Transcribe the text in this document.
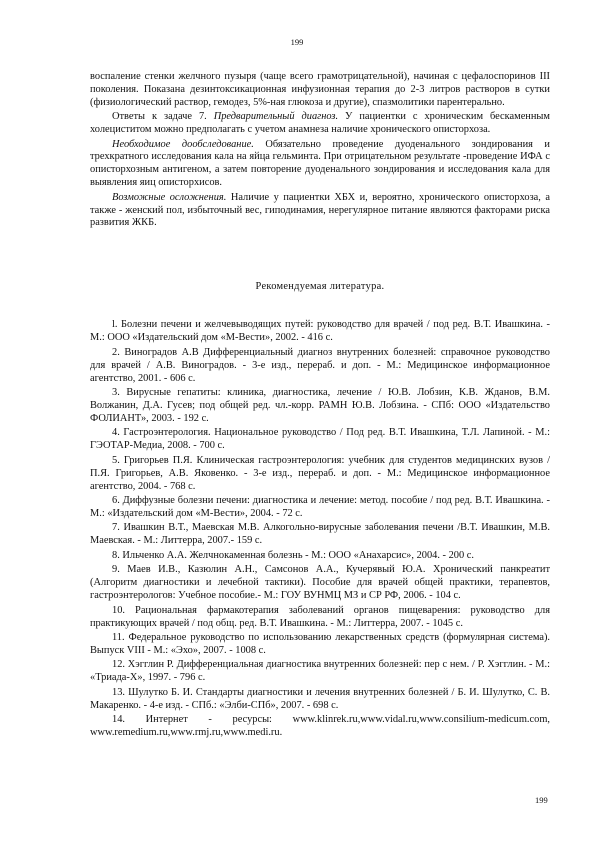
199

воспаление стенки желчного пузыря (чаще всего грамотрицательной), начиная с цефалоспоринов III поколения. Показана дезинтоксикационная инфузионная терапия до 2-3 литров растворов в сутки (физиологический раствор, гемодез, 5%-ная глюкоза и другие), спазмолитики парентерально.

Ответы к задаче 7. Предварительный диагноз. У пациентки с хроническим бескаменным холециститом можно предполагать с учетом анамнеза наличие хронического описторхоза.

Необходимое дообследование. Обязательно проведение дуоденального зондирования и трехкратного исследования кала на яйца гельминта. При отрицательном результате -проведение ИФА с описторхозным антигеном, а затем повторение дуоденального зондирования и исследования кала для выявления яиц описторхисов.

Возможные осложнения. Наличие у пациентки ХБХ и, вероятно, хронического описторхоза, а также - женский пол, избыточный вес, гиподинамия, нерегулярное питание являются факторами риска развития ЖКБ.

Рекомендуемая литература.

l. Болезни печени и желчевыводящих путей: руководство для врачей / под ред. В.Т. Ивашкина. - М.: ООО «Издательский дом «М-Вести», 2002. - 416 с.

2. Виноградов А.В Дифференциальный диагноз внутренних болезней: справочное руководство для врачей / А.В. Виноградов. - 3-е изд., перераб. и доп. - М.: Медицинское информационное агентство, 2001. - 606 с.

3. Вирусные гепатиты: клиника, диагностика, лечение / Ю.В. Лобзин, К.В. Жданов, В.М. Волжанин, Д.А. Гусев; под общей ред. чл.-корр. РАМН Ю.В. Лобзина. - СПб: ООО «Издательство ФОЛИАНТ», 2003. - 192 с.

4. Гастроэнтерология. Национальное руководство / Под ред. В.Т. Ивашкина, Т.Л. Лапиной. - М.: ГЭОТАР-Медиа, 2008. - 700 с.

5. Григорьев П.Я. Клиническая гастроэнтерология: учебник для студентов медицинских вузов / П.Я. Григорьев, А.В. Яковенко. - 3-е изд., перераб. и доп. - М.: Медицинское информационное агентство, 2004. - 768 с.

6. Диффузные болезни печени: диагностика и лечение: метод. пособие / под ред. В.Т. Ивашкина. - М.: «Издательский дом «М-Вести», 2004. - 72 с.

7. Ивашкин В.Т., Маевская М.В. Алкогольно-вирусные заболевания печени /В.Т. Ивашкин, М.В. Маевская. - М.: Литтерра, 2007.- 159 с.

8. Ильченко А.А. Желчнокаменная болезнь - М.: ООО «Анахарсис», 2004. - 200 с.

9. Маев И.В., Казюлин А.Н., Самсонов А.А., Кучерявый Ю.А. Хронический панкреатит (Алгоритм диагностики и лечебной тактики). Пособие для врачей общей практики, терапевтов, гастроэнтерологов: Учебное пособие.- М.: ГОУ ВУНМЦ МЗ и СР РФ, 2006. - 104 с.

10. Рациональная фармакотерапия заболеваний органов пищеварения: руководство для практикующих врачей / под общ. ред. В.Т. Ивашкина. - М.: Литтерра, 2007. - 1045 с.

11. Федеральное руководство по использованию лекарственных средств (формулярная система). Выпуск VIII - М.: «Эхо», 2007. - 1008 с.

12. Хэгглин Р. Дифференциальная диагностика внутренних болезней: пер с нем. / Р. Хэгглин. - М.: «Триада-Х», 1997. - 796 с.

13. Шулутко Б. И. Стандарты диагностики и лечения внутренних болезней / Б. И. Шулутко, С. В. Макаренко. - 4-е изд. - СПб.: «Элби-СПб», 2007. - 698 с.

14. Интернет - ресурсы: www.klinrek.ru,www.vidal.ru,www.consilium-medicum.com, www.remedium.ru,www.rmj.ru,www.medi.ru.

199
